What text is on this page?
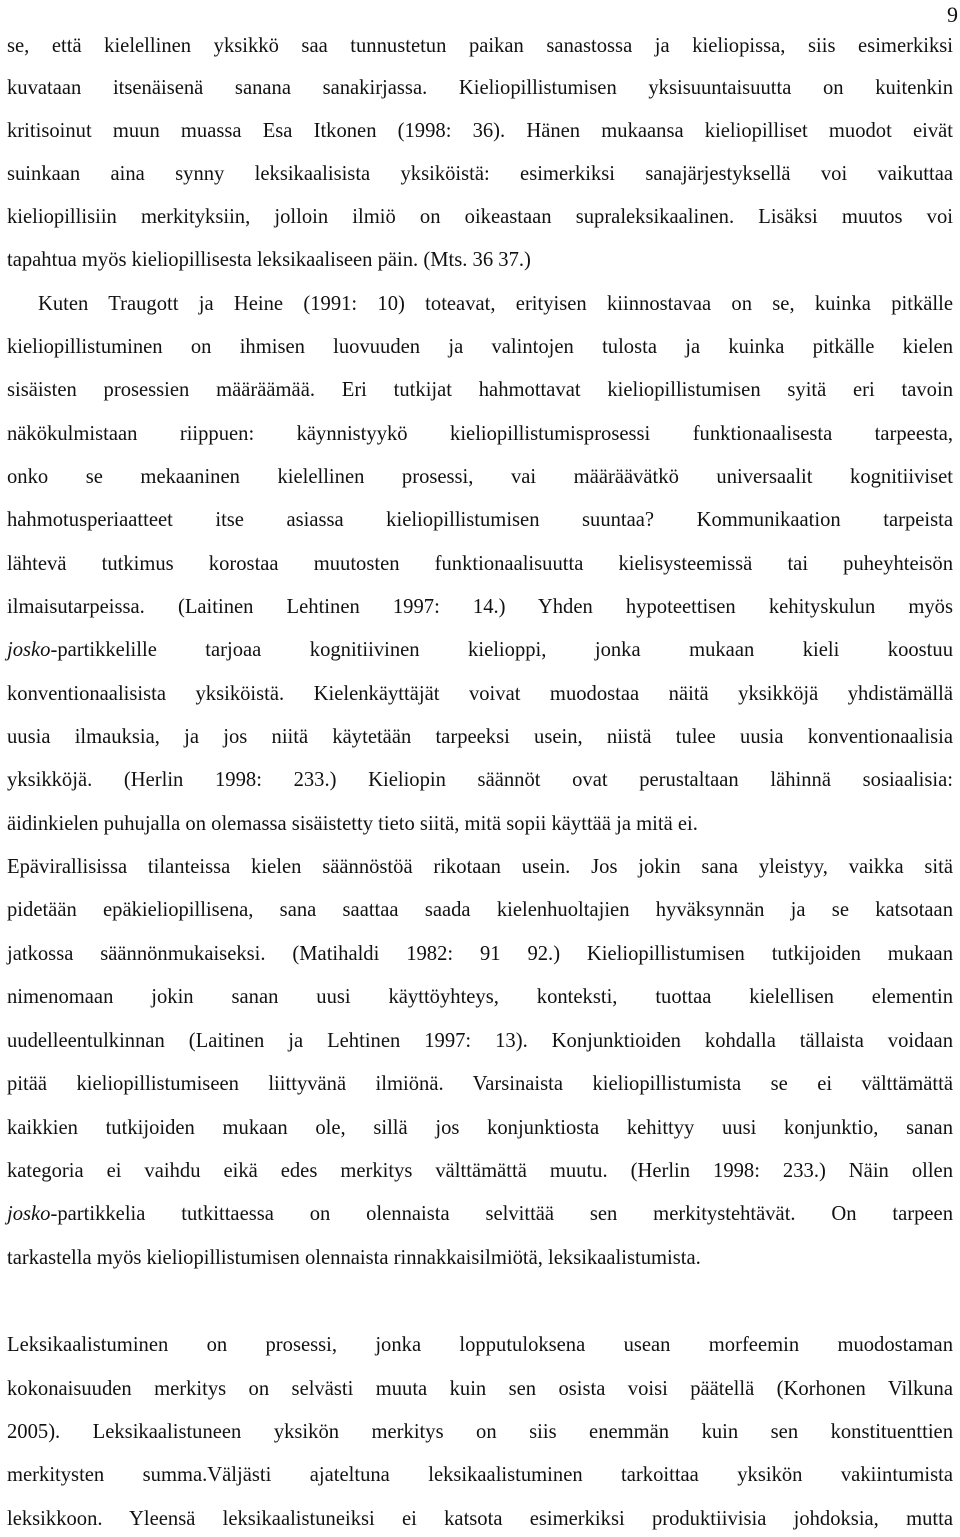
9
se, että kielellinen yksikkö saa tunnustetun paikan sanastossa ja kieliopissa, siis esimerkiksi
kuvataan itsenäisenä sanana sanakirjassa. Kieliopillistumisen yksisuuntaisuutta on kuitenkin
kritisoinut muun muassa Esa Itkonen (1998: 36). Hänen mukaansa kieliopilliset muodot eivät
suinkaan aina synny leksikaalisista yksiköistä: esimerkiksi sanajärjestyksellä voi vaikuttaa
kieliopillisiin merkityksiin, jolloin ilmiö on oikeastaan supraleksikaalinen. Lisäksi muutos voi
tapahtua myös kieliopillisesta leksikaaliseen päin. (Mts. 36 37.)
Kuten Traugott ja Heine (1991: 10) toteavat, erityisen kiinnostavaa on se, kuinka pitkälle
kieliopillistuminen on ihmisen luovuuden ja valintojen tulosta ja kuinka pitkälle kielen
sisäisten prosessien määräämää. Eri tutkijat hahmottavat kieliopillistumisen syitä eri tavoin
näkökulmistaan riippuen: käynnistyykö kieliopillistumisprosessi funktionaalisesta tarpeesta,
onko se mekaaninen kielellinen prosessi, vai määräävätkö universaalit kognitiiviset
hahmotusperiaatteet itse asiassa kieliopillistumisen suuntaa? Kommunikaation tarpeista
lähtevä tutkimus korostaa muutosten funktionaalisuutta kielisysteemissä tai puheyhteisön
ilmaisutarpeissa. (Laitinen Lehtinen 1997: 14.) Yhden hypoteettisen kehityskulun myös
josko-partikkelille tarjoaa kognitiivinen kielioppi, jonka mukaan kieli koostuu
konventionaalisista yksiköistä. Kielenkäyttäjät voivat muodostaa näitä yksikköjä yhdistämällä
uusia ilmauksia, ja jos niitä käytetään tarpeeksi usein, niistä tulee uusia konventionaalisia
yksikköjä. (Herlin 1998: 233.) Kieliopin säännöt ovat perustaltaan lähinnä sosiaalisia:
äidinkielen puhujalla on olemassa sisäistetty tieto siitä, mitä sopii käyttää ja mitä ei.
Epävirallisissa tilanteissa kielen säännöstöä rikotaan usein. Jos jokin sana yleistyy, vaikka sitä
pidetään epäkieliopillisena, sana saattaa saada kielenhuoltajien hyväksynnän ja se katsotaan
jatkossa säännönmukaiseksi. (Matihaldi 1982: 91 92.) Kieliopillistumisen tutkijoiden mukaan
nimenomaan jokin sanan uusi käyttöyhteys, konteksti, tuottaa kielellisen elementin
uudelleentulkinnan (Laitinen ja Lehtinen 1997: 13). Konjunktioiden kohdalla tällaista voidaan
pitää kieliopillistumiseen liittyvänä ilmiönä. Varsinaista kieliopillistumista se ei välttämättä
kaikkien tutkijoiden mukaan ole, sillä jos konjunktiosta kehittyy uusi konjunktio, sanan
kategoria ei vaihdu eikä edes merkitys välttämättä muutu. (Herlin 1998: 233.) Näin ollen
josko-partikkelia tutkittaessa on olennaista selvittää sen merkitystehtävät. On tarpeen
tarkastella myös kieliopillistumisen olennaista rinnakkaisilmiötä, leksikaalistumista.
Leksikaalistuminen on prosessi, jonka lopputuloksena usean morfeemin muodostaman
kokonaisuuden merkitys on selvästi muuta kuin sen osista voisi päätellä (Korhonen Vilkuna
2005). Leksikaalistuneen yksikön merkitys on siis enemmän kuin sen konstituenttien
merkitysten summa.Väljästi ajateltuna leksikaalistuminen tarkoittaa yksikön vakiintumista
leksikkoon. Yleensä leksikaalistuneiksi ei katsota esimerkiksi produktiivisia johdoksia, mutta
